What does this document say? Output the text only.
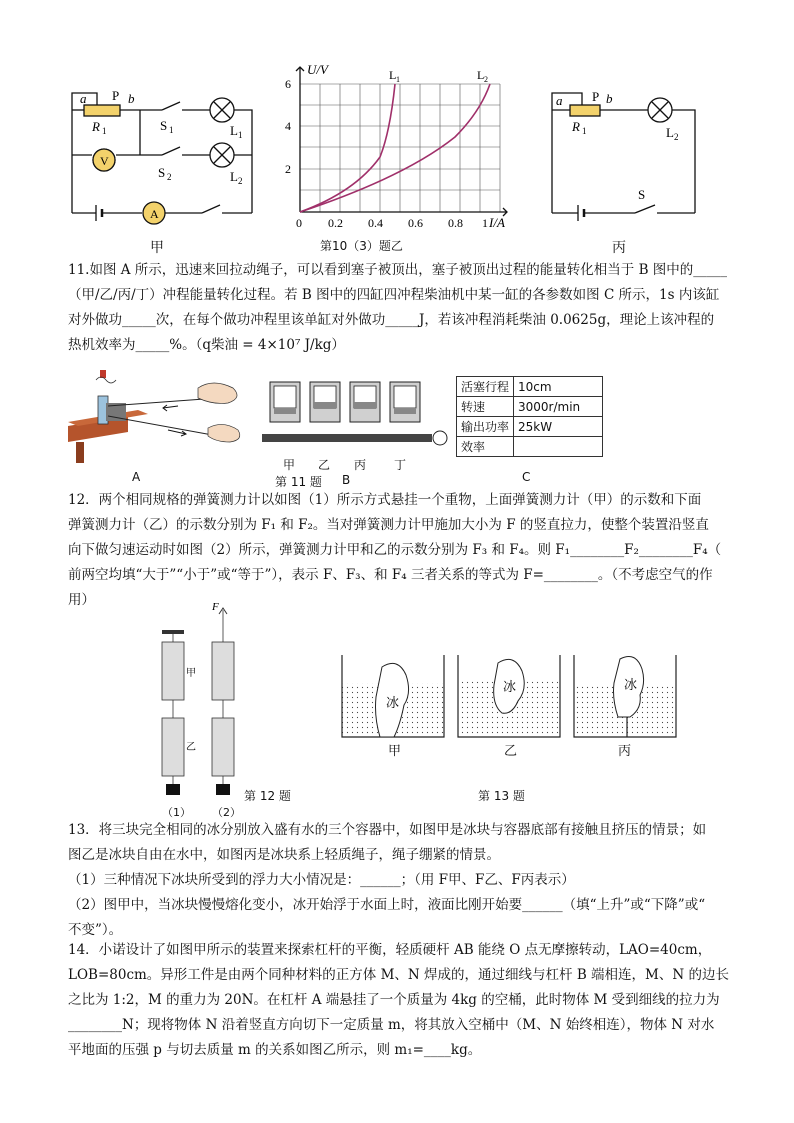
V
A
a P b
R 1	S 1
S 2
L 1
L 2
甲
U/V
I/A
L 1	L 2
0 0.2 0.4 0.6 0.8 1
2
4
6
第10（3）题乙
a P b
R 1	L 2
S
丙
11.如图 A 所示，迅速来回拉动绳子，可以看到塞子被顶出，塞子被顶出过程的能量转化相当于 B 图中的_____
（甲/乙/丙/丁）冲程能量转化过程。若 B 图中的四缸四冲程柴油机中某一缸的各参数如图 C 所示，1s 内该缸
对外做功_____次，在每个做功冲程里该单缸对外做功_____J，若该冲程消耗柴油 0.0625g，理论上该冲程的
热机效率为_____%。（q柴油 = 4×10⁷ J/kg）
A
甲 乙 丙 丁
第 11 题 B
活塞行程	10cm
转速	3000r/min
输出功率	25kW
效率	
C
12．两个相同规格的弹簧测力计以如图（1）所示方式悬挂一个重物，上面弹簧测力计（甲）的示数和下面
弹簧测力计（乙）的示数分别为 F₁ 和 F₂。当对弹簧测力计甲施加大小为 F 的竖直拉力，使整个装置沿竖直
向下做匀速运动时如图（2）所示，弹簧测力计甲和乙的示数分别为 F₃ 和 F₄。则 F₁________F₂________F₄（
前两空均填“大于”“小于”或“等于”），表示 F、F₃、和 F₄ 三者关系的等式为 F=________。（不考虑空气的作
用）	F
甲
乙
（1） （2）
第 12 题
冰
冰	冰
甲	乙	丙
第 13 题
13．将三块完全相同的冰分别放入盛有水的三个容器中，如图甲是冰块与容器底部有接触且挤压的情景；如
图乙是冰块自由在水中，如图丙是冰块系上轻质绳子，绳子绷紧的情景。
（1）三种情况下冰块所受到的浮力大小情况是：______；（用 F甲、F乙、F丙表示）
（2）图甲中，当冰块慢慢熔化变小，冰开始浮于水面上时，液面比刚开始要______（填“上升”或“下降”或“
不变”）。
14．小诺设计了如图甲所示的装置来探索杠杆的平衡，轻质硬杆 AB 能绕 O 点无摩擦转动，LAO=40cm，
LOB=80cm。异形工件是由两个同种材料的正方体 M、N 焊成的，通过细线与杠杆 B 端相连，M、N 的边长
之比为 1:2，M 的重力为 20N。在杠杆 A 端悬挂了一个质量为 4kg 的空桶，此时物体 M 受到细线的拉力为
________N；现将物体 N 沿着竖直方向切下一定质量 m，将其放入空桶中（M、N 始终相连），物体 N 对水
平地面的压强 p 与切去质量 m 的关系如图乙所示，则 m₁=____kg。
